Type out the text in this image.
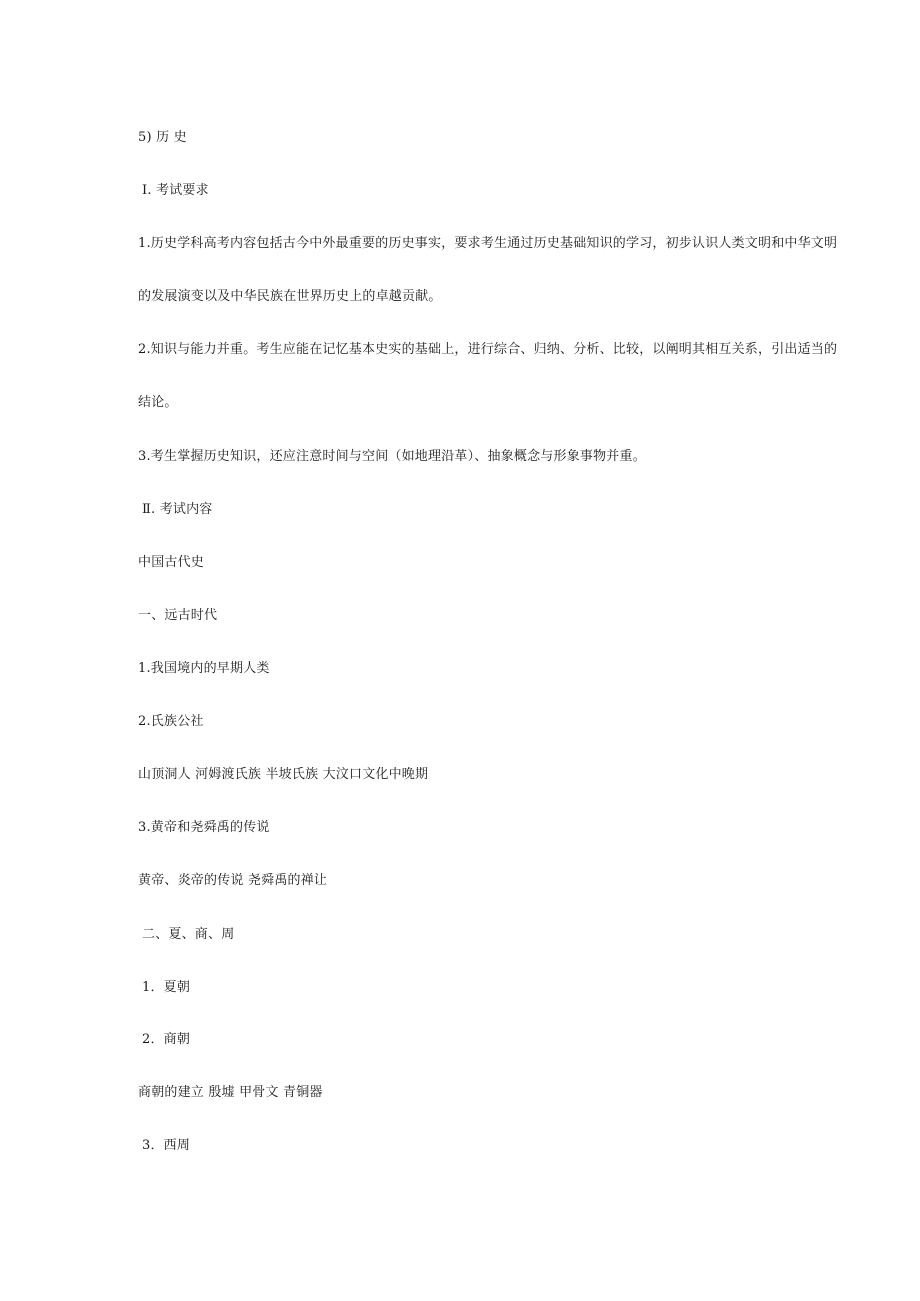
5) 历 史
Ⅰ. 考试要求
1.历史学科高考内容包括古今中外最重要的历史事实，要求考生通过历史基础知识的学习，初步认识人类文明和中华文明
的发展演变以及中华民族在世界历史上的卓越贡献。
2.知识与能力并重。考生应能在记忆基本史实的基础上，进行综合、归纳、分析、比较，以阐明其相互关系，引出适当的
结论。
3.考生掌握历史知识，还应注意时间与空间（如地理沿革）、抽象概念与形象事物并重。
Ⅱ. 考试内容
中国古代史
一、远古时代
1.我国境内的早期人类
2.氏族公社
山顶洞人 河姆渡氏族 半坡氏族 大汶口文化中晚期
3.黄帝和尧舜禹的传说
黄帝、炎帝的传说 尧舜禹的禅让
二、夏、商、周
1．夏朝
2．商朝
商朝的建立 殷墟 甲骨文 青铜器
3．西周
